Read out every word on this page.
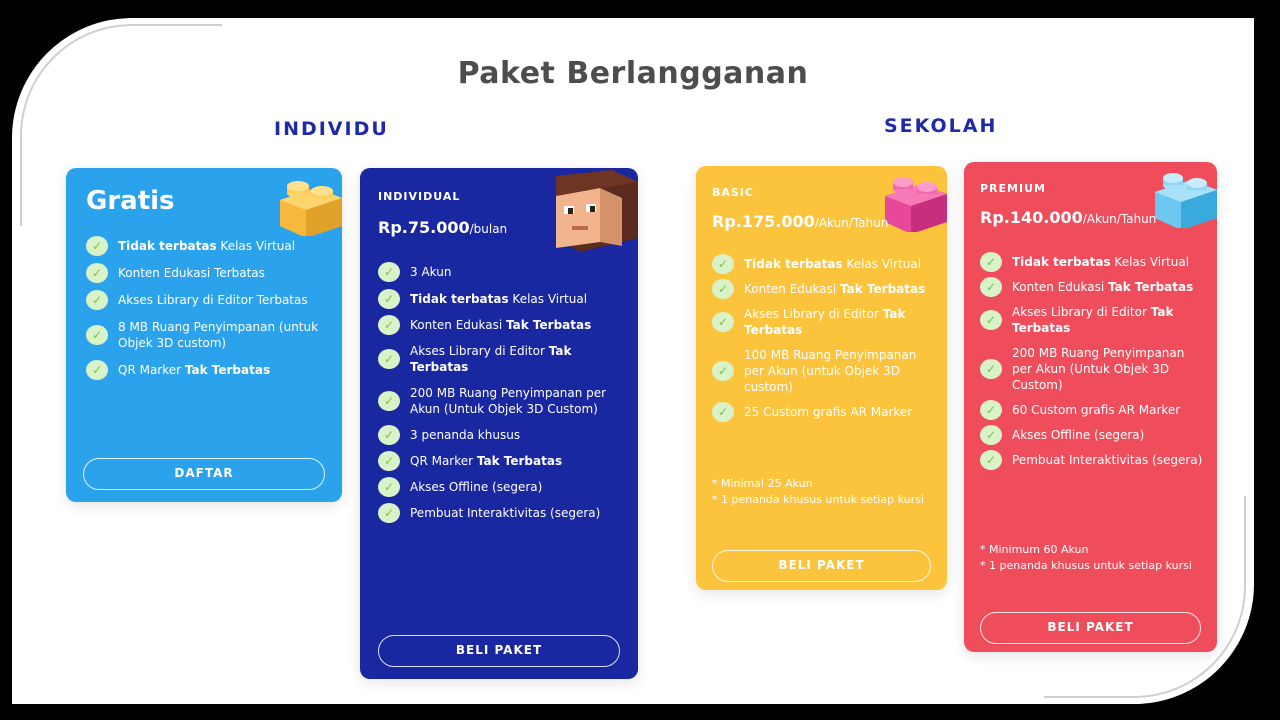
Paket Berlangganan
INDIVIDU	SEKOLAH
Gratis
✓	Tidak terbatas Kelas Virtual
✓	Konten Edukasi Terbatas
✓	Akses Library di Editor Terbatas
✓
8 MB Ruang Penyimpanan (untuk Objek 3D custom)
✓	QR Marker Tak Terbatas
DAFTAR
INDIVIDUAL
Rp.75.000/bulan
✓	3 Akun
✓	Tidak terbatas Kelas Virtual
✓	Konten Edukasi Tak Terbatas
✓
Akses Library di Editor Tak Terbatas
✓
200 MB Ruang Penyimpanan per Akun (Untuk Objek 3D Custom)
✓	3 penanda khusus
✓	QR Marker Tak Terbatas
✓	Akses Offline (segera)
✓	Pembuat Interaktivitas (segera)
BELI PAKET
BASIC
Rp.175.000/Akun/Tahun
✓	Tidak terbatas Kelas Virtual
✓	Konten Edukasi Tak Terbatas
✓
Akses Library di Editor Tak Terbatas
✓
100 MB Ruang Penyimpanan per Akun (untuk Objek 3D custom)
✓	25 Custom grafis AR Marker
* Minimal 25 Akun
* 1 penanda khusus untuk setiap kursi
BELI PAKET
PREMIUM
Rp.140.000/Akun/Tahun
✓	Tidak terbatas Kelas Virtual
✓	Konten Edukasi Tak Terbatas
✓
Akses Library di Editor Tak Terbatas
✓
200 MB Ruang Penyimpanan per Akun (Untuk Objek 3D Custom)
✓	60 Custom grafis AR Marker
✓	Akses Offline (segera)
✓	Pembuat Interaktivitas (segera)
* Minimum 60 Akun
* 1 penanda khusus untuk setiap kursi
BELI PAKET
